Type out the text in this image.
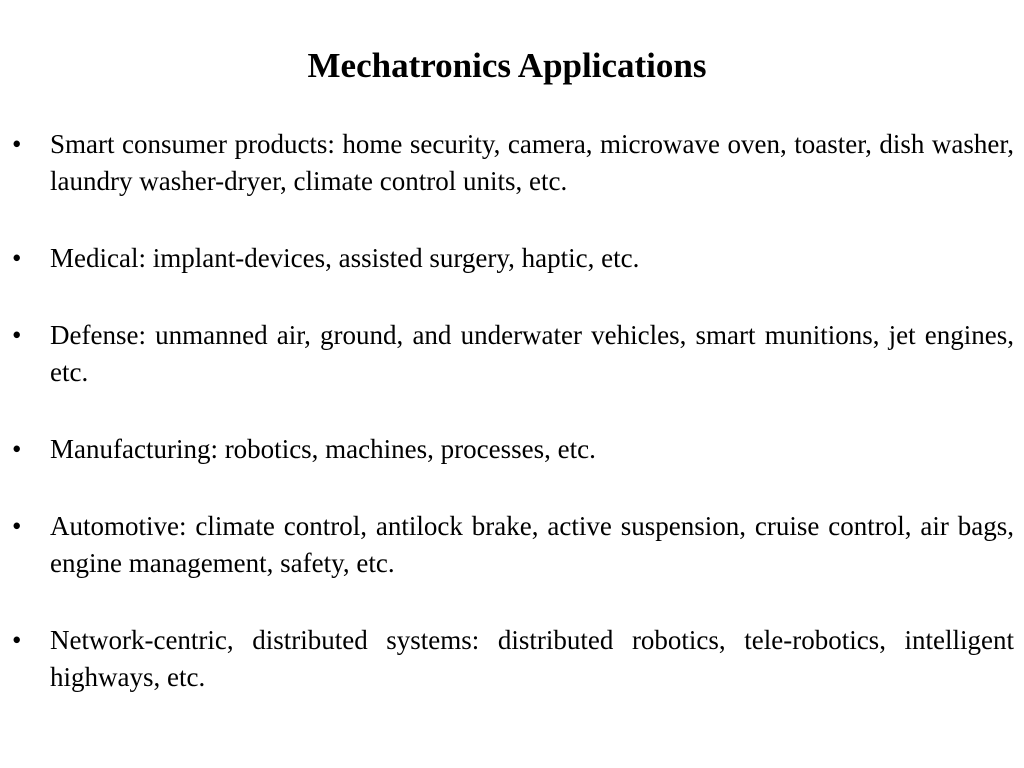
Mechatronics Applications
•	Smart consumer products: home security, camera, microwave oven, toaster, dish washer, laundry washer-dryer, climate control units, etc.
•	Medical: implant-devices, assisted surgery, haptic, etc.
•	Defense: unmanned air, ground, and underwater vehicles, smart munitions, jet engines, etc.
•	Manufacturing: robotics, machines, processes, etc.
•	Automotive: climate control, antilock brake, active suspension, cruise control, air bags, engine management, safety, etc.
•	Network-centric, distributed systems: distributed robotics, tele-robotics, intelligent highways, etc.
